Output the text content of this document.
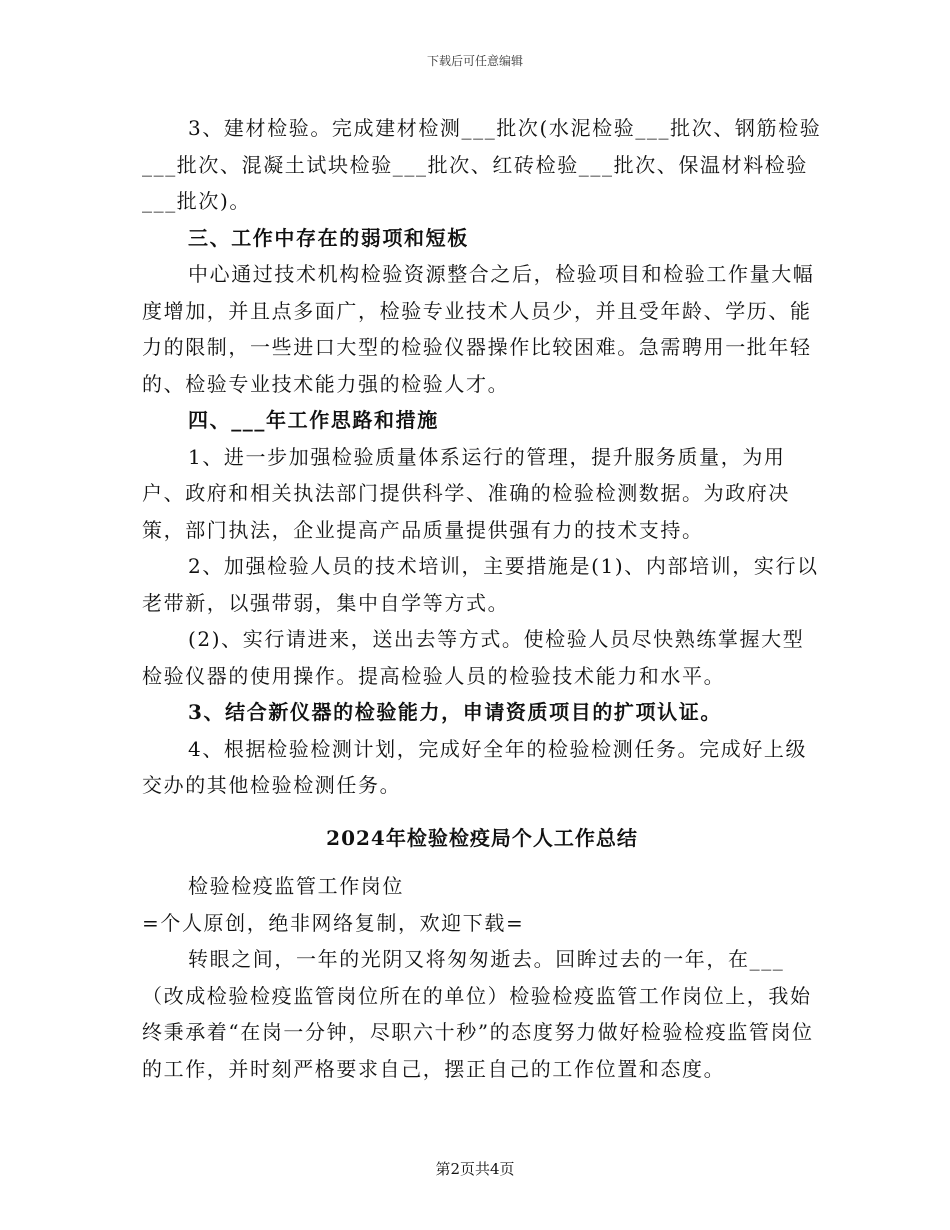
下载后可任意编辑

3、建材检验。完成建材检测___批次(水泥检验___批次、钢筋检验___批次、混凝土试块检验___批次、红砖检验___批次、保温材料检验___批次)。

三、工作中存在的弱项和短板

中心通过技术机构检验资源整合之后，检验项目和检验工作量大幅度增加，并且点多面广，检验专业技术人员少，并且受年龄、学历、能力的限制，一些进口大型的检验仪器操作比较困难。急需聘用一批年轻的、检验专业技术能力强的检验人才。

四、___年工作思路和措施

1、进一步加强检验质量体系运行的管理，提升服务质量，为用户、政府和相关执法部门提供科学、准确的检验检测数据。为政府决策，部门执法，企业提高产品质量提供强有力的技术支持。

2、加强检验人员的技术培训，主要措施是(1)、内部培训，实行以老带新，以强带弱，集中自学等方式。

(2)、实行请进来，送出去等方式。使检验人员尽快熟练掌握大型检验仪器的使用操作。提高检验人员的检验技术能力和水平。

3、结合新仪器的检验能力，申请资质项目的扩项认证。

4、根据检验检测计划，完成好全年的检验检测任务。完成好上级交办的其他检验检测任务。

2024年检验检疫局个人工作总结

检验检疫监管工作岗位

=个人原创，绝非网络复制，欢迎下载=

转眼之间，一年的光阴又将匆匆逝去。回眸过去的一年，在___（改成检验检疫监管岗位所在的单位）检验检疫监管工作岗位上，我始终秉承着“在岗一分钟，尽职六十秒”的态度努力做好检验检疫监管岗位的工作，并时刻严格要求自己，摆正自己的工作位置和态度。

第2页共4页
